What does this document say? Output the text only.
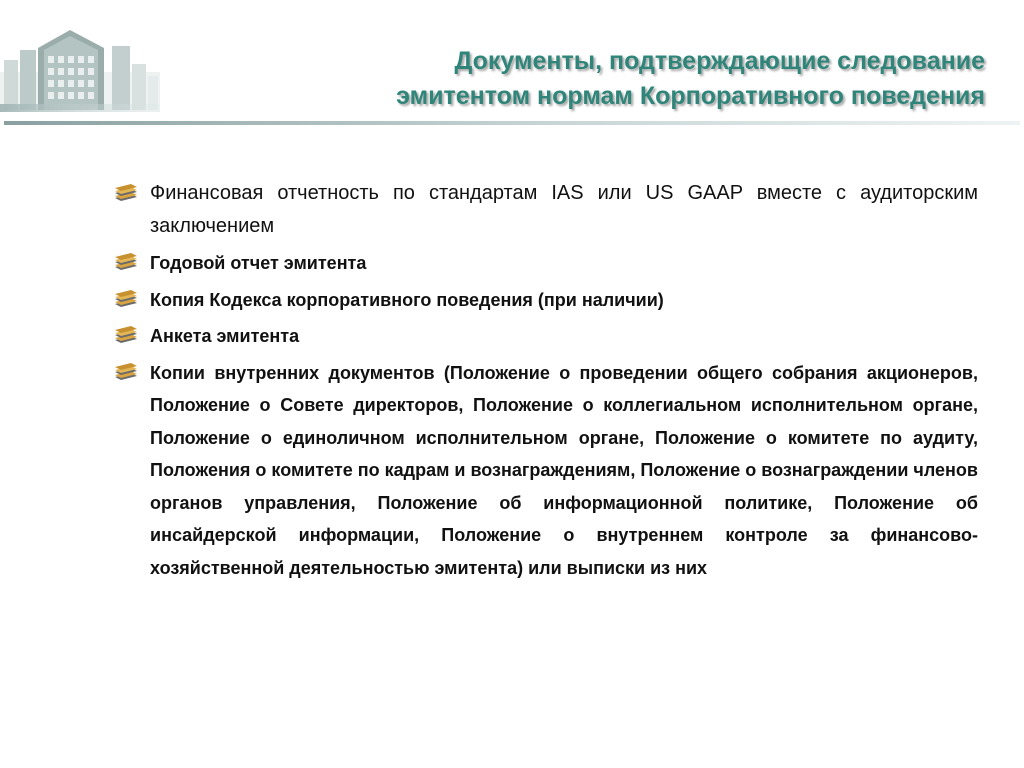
Документы, подтверждающие следование
эмитентом нормам Корпоративного поведения
Финансовая отчетность по стандартам IAS или US GAAP вместе с аудиторским заключением
Годовой отчет эмитента
Копия Кодекса корпоративного поведения (при наличии)
Анкета эмитента
Копии внутренних документов (Положение о проведении общего собрания акционеров, Положение о Совете директоров, Положение о коллегиальном исполнительном органе, Положение о единоличном исполнительном органе, Положение о комитете по аудиту, Положения о комитете по кадрам и вознаграждениям, Положение о вознаграждении членов органов управления, Положение об информационной политике, Положение об инсайдерской информации, Положение о внутреннем контроле за финансово-хозяйственной деятельностью эмитента) или выписки из них
